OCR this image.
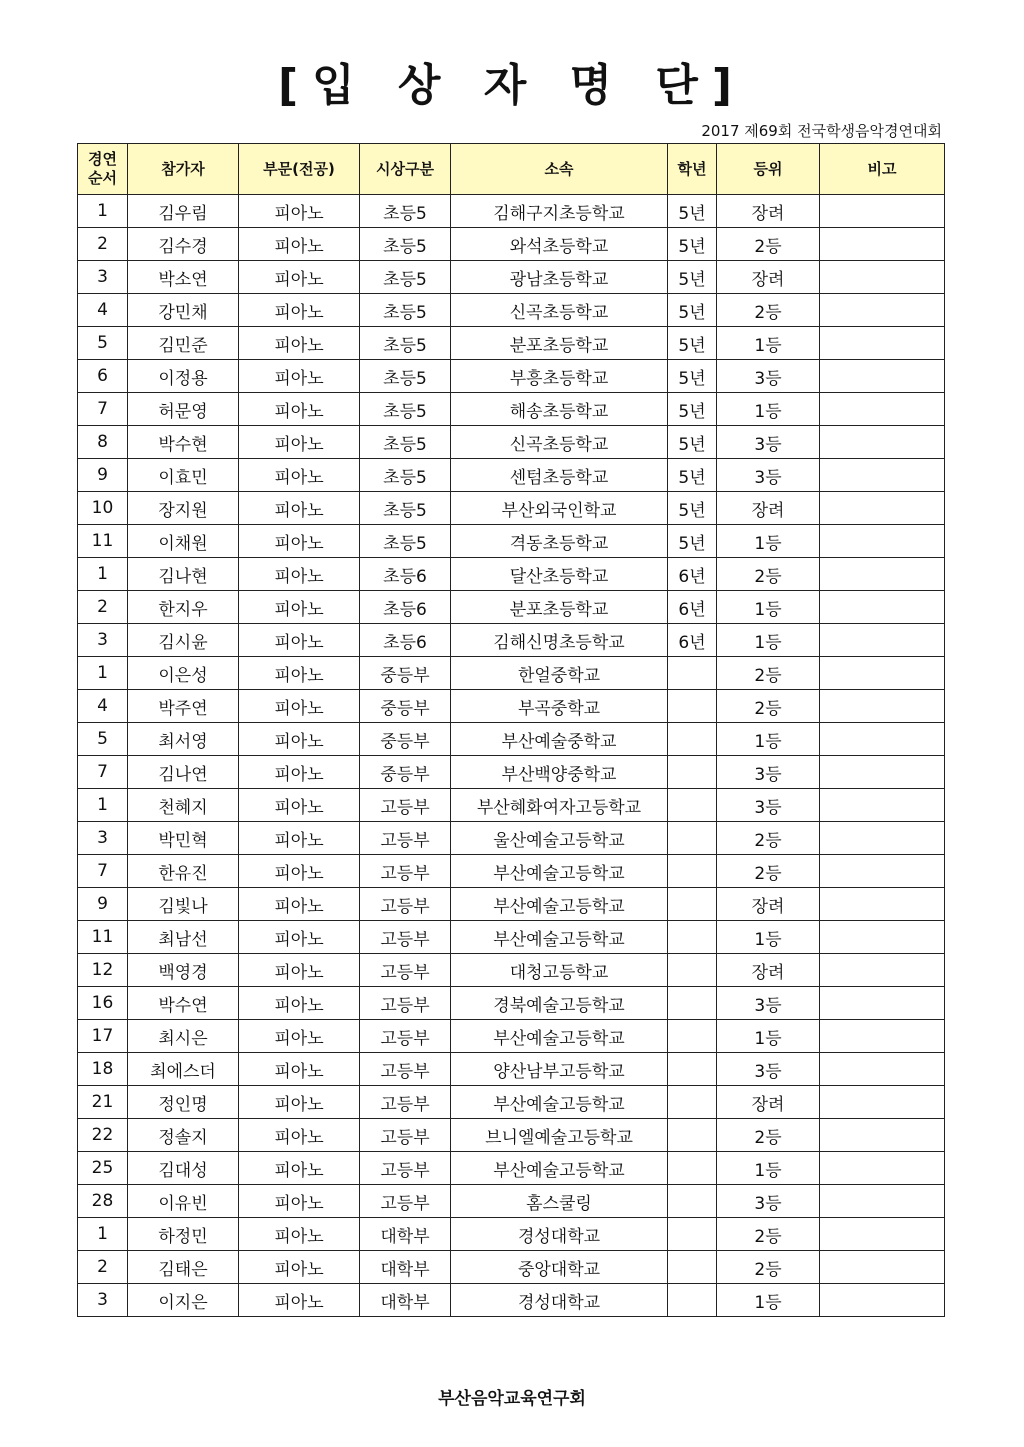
[입 상 자 명 단]
2017 제69회 전국학생음악경연대회
경연
순서	참가자	부문(전공)	시상구분	소속	학년	등위	비고
1	김우림	피아노	초등5	김해구지초등학교	5년	장려	
2	김수경	피아노	초등5	와석초등학교	5년	2등	
3	박소연	피아노	초등5	광남초등학교	5년	장려	
4	강민채	피아노	초등5	신곡초등학교	5년	2등	
5	김민준	피아노	초등5	분포초등학교	5년	1등	
6	이정용	피아노	초등5	부흥초등학교	5년	3등	
7	허문영	피아노	초등5	해송초등학교	5년	1등	
8	박수현	피아노	초등5	신곡초등학교	5년	3등	
9	이효민	피아노	초등5	센텀초등학교	5년	3등	
10	장지원	피아노	초등5	부산외국인학교	5년	장려	
11	이채원	피아노	초등5	격동초등학교	5년	1등	
1	김나현	피아노	초등6	달산초등학교	6년	2등	
2	한지우	피아노	초등6	분포초등학교	6년	1등	
3	김시윤	피아노	초등6	김해신명초등학교	6년	1등	
1	이은성	피아노	중등부	한얼중학교		2등	
4	박주연	피아노	중등부	부곡중학교		2등	
5	최서영	피아노	중등부	부산예술중학교		1등	
7	김나연	피아노	중등부	부산백양중학교		3등	
1	천혜지	피아노	고등부	부산혜화여자고등학교		3등	
3	박민혁	피아노	고등부	울산예술고등학교		2등	
7	한유진	피아노	고등부	부산예술고등학교		2등	
9	김빛나	피아노	고등부	부산예술고등학교		장려	
11	최남선	피아노	고등부	부산예술고등학교		1등	
12	백영경	피아노	고등부	대청고등학교		장려	
16	박수연	피아노	고등부	경북예술고등학교		3등	
17	최시은	피아노	고등부	부산예술고등학교		1등	
18	최에스더	피아노	고등부	양산남부고등학교		3등	
21	정인명	피아노	고등부	부산예술고등학교		장려	
22	정솔지	피아노	고등부	브니엘예술고등학교		2등	
25	김대성	피아노	고등부	부산예술고등학교		1등	
28	이유빈	피아노	고등부	홈스쿨링		3등	
1	하정민	피아노	대학부	경성대학교		2등	
2	김태은	피아노	대학부	중앙대학교		2등	
3	이지은	피아노	대학부	경성대학교		1등	
부산음악교육연구회
